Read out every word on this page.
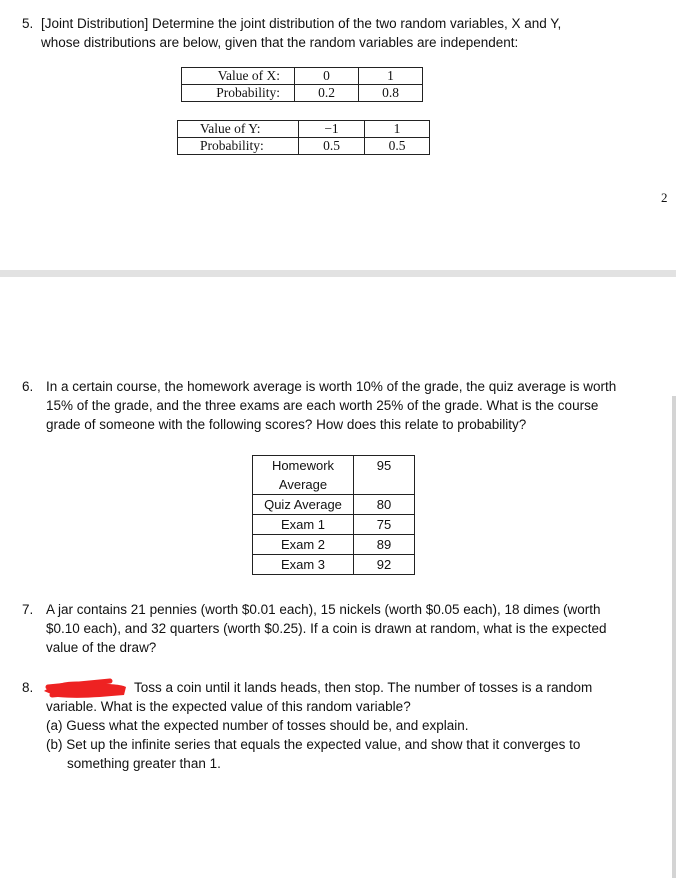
5. [Joint Distribution] Determine the joint distribution of the two random variables, X and Y,

whose distributions are below, given that the random variables are independent:

Value of X:	0	1
Probability:	0.2	0.8
Value of Y:	−1	1
Probability:	0.5	0.5
2
6. In a certain course, the homework average is worth 10% of the grade, the quiz average is worth

15% of the grade, and the three exams are each worth 25% of the grade. What is the course

grade of someone with the following scores? How does this relate to probability?

Homework
Average	95
Quiz Average	80
Exam 1	75
Exam 2	89
Exam 3	92
7. A jar contains 21 pennies (worth $0.01 each), 15 nickels (worth $0.05 each), 18 dimes (worth

$0.10 each), and 32 quarters (worth $0.25). If a coin is drawn at random, what is the expected

value of the draw?

8.	Toss a coin until it lands heads, then stop. The number of tosses is a random

variable. What is the expected value of this random variable?

(a) Guess what the expected number of tosses should be, and explain.

(b) Set up the infinite series that equals the expected value, and show that it converges to

something greater than 1.
